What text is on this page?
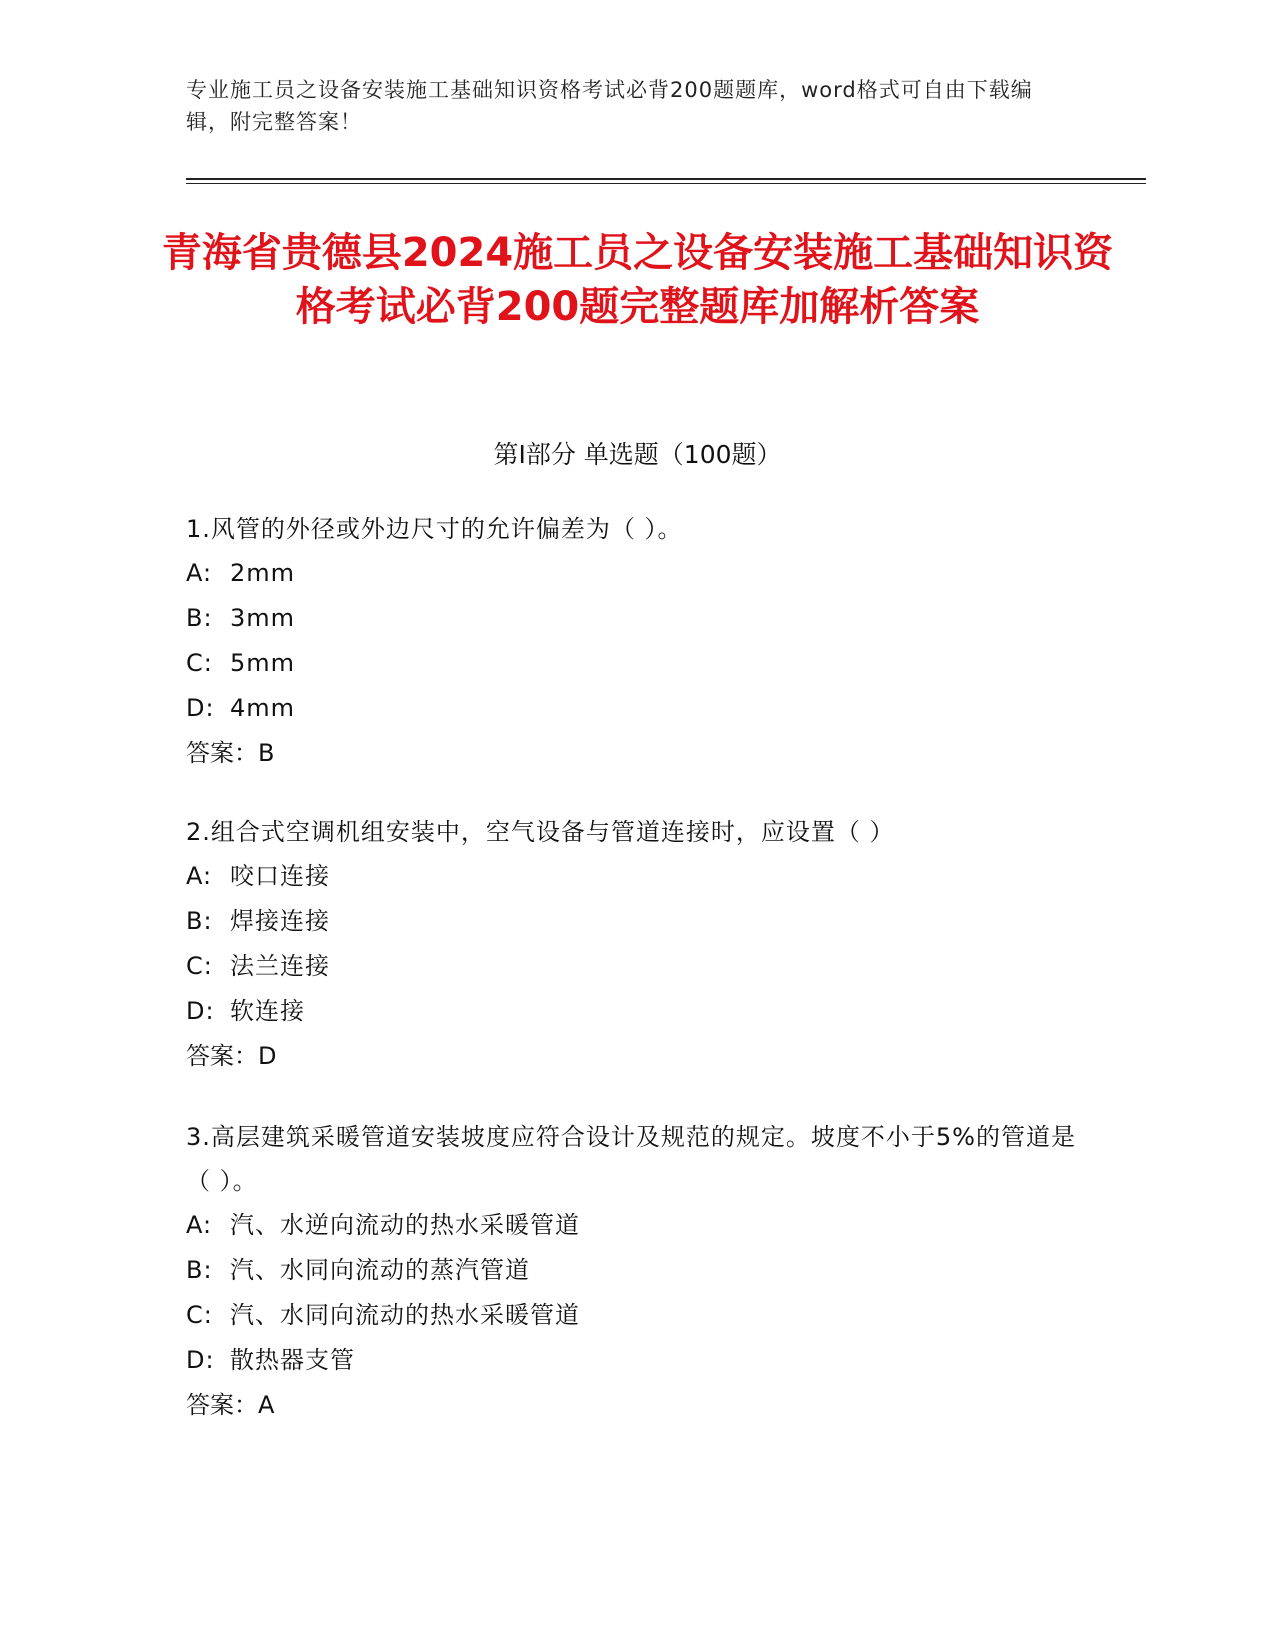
专业施工员之设备安装施工基础知识资格考试必背200题题库，word格式可自由下载编辑，附完整答案！
青海省贵德县2024施工员之设备安装施工基础知识资格考试必背200题完整题库加解析答案
第I部分 单选题（100题）
1.风管的外径或外边尺寸的允许偏差为（ ）。
A: 2mm
B: 3mm
C: 5mm
D: 4mm
答案：B
2.组合式空调机组安装中，空气设备与管道连接时，应设置（ ）
A: 咬口连接
B: 焊接连接
C: 法兰连接
D: 软连接
答案：D
3.高层建筑采暖管道安装坡度应符合设计及规范的规定。坡度不小于5%的管道是（ ）。
A: 汽、水逆向流动的热水采暖管道
B: 汽、水同向流动的蒸汽管道
C: 汽、水同向流动的热水采暖管道
D: 散热器支管
答案：A
